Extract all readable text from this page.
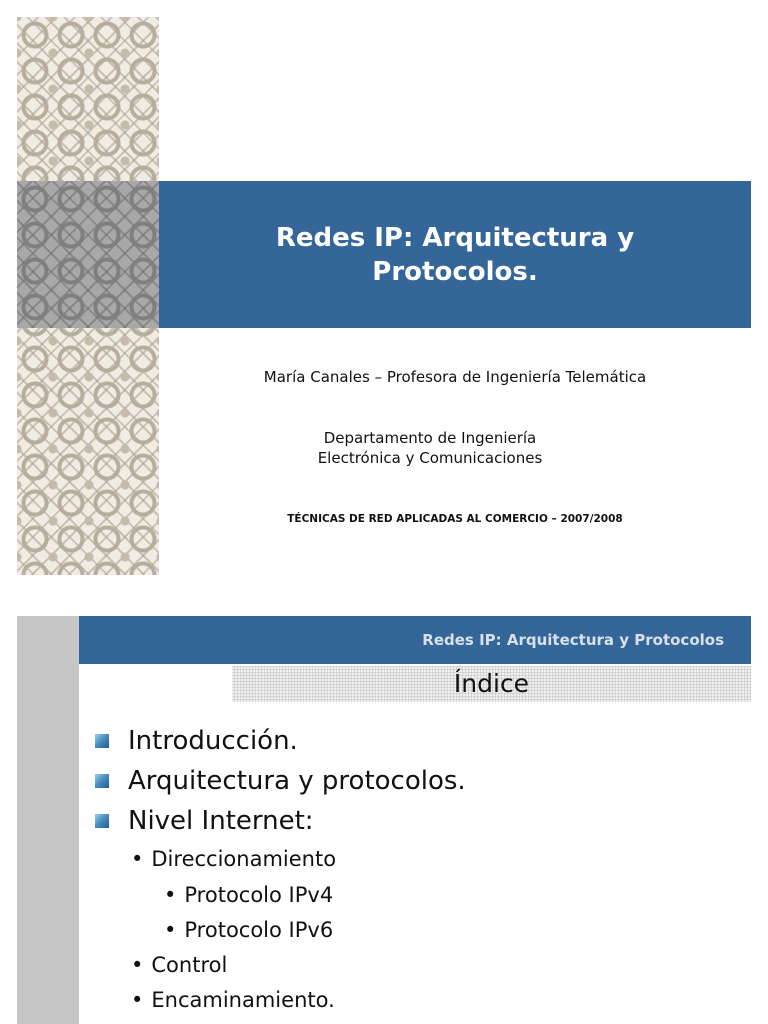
Redes IP: Arquitectura y
Protocolos.
María Canales – Profesora de Ingeniería Telemática
Departamento de Ingeniería
Electrónica y Comunicaciones
TÉCNICAS DE RED APLICADAS AL COMERCIO – 2007/2008
Redes IP: Arquitectura y Protocolos
Índice
Introducción.
Arquitectura y protocolos.
Nivel Internet:
• Direccionamiento
• Protocolo IPv4
• Protocolo IPv6
• Control
• Encaminamiento.
